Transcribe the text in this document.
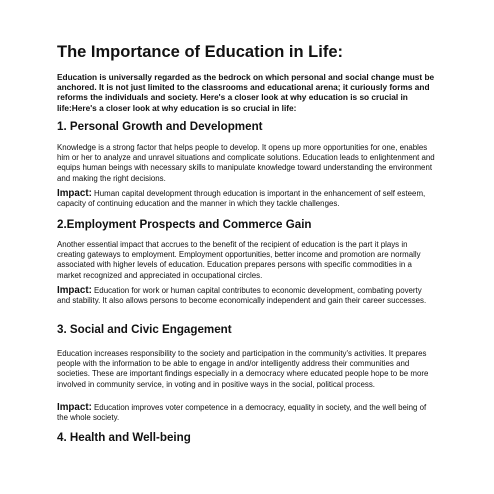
The Importance of Education in Life:

Education is universally regarded as the bedrock on which personal and social change must be anchored. It is not just limited to the classrooms and educational arena; it curiously forms and reforms the individuals and society. Here's a closer look at why education is so crucial in life:Here's a closer look at why education is so crucial in life:

1. Personal Growth and Development

Knowledge is a strong factor that helps people to develop. It opens up more opportunities for one, enables him or her to analyze and unravel situations and complicate solutions. Education leads to enlightenment and equips human beings with necessary skills to manipulate knowledge toward understanding the environment and making the right decisions.

Impact: Human capital development through education is important in the enhancement of self esteem, capacity of continuing education and the manner in which they tackle challenges.

2.Employment Prospects and Commerce Gain

Another essential impact that accrues to the benefit of the recipient of education is the part it plays in creating gateways to employment. Employment opportunities, better income and promotion are normally associated with higher levels of education. Education prepares persons with specific commodities in a market recognized and appreciated in occupational circles.

Impact: Education for work or human capital contributes to economic development, combating poverty and stability. It also allows persons to become economically independent and gain their career successes.

3. Social and Civic Engagement

Education increases responsibility to the society and participation in the community's activities. It prepares people with the information to be able to engage in and/or intelligently address their communities and societies. These are important findings especially in a democracy where educated people hope to be more involved in community service, in voting and in positive ways in the social, political process.

Impact: Education improves voter competence in a democracy, equality in society, and the well being of the whole society.

4. Health and Well-being
